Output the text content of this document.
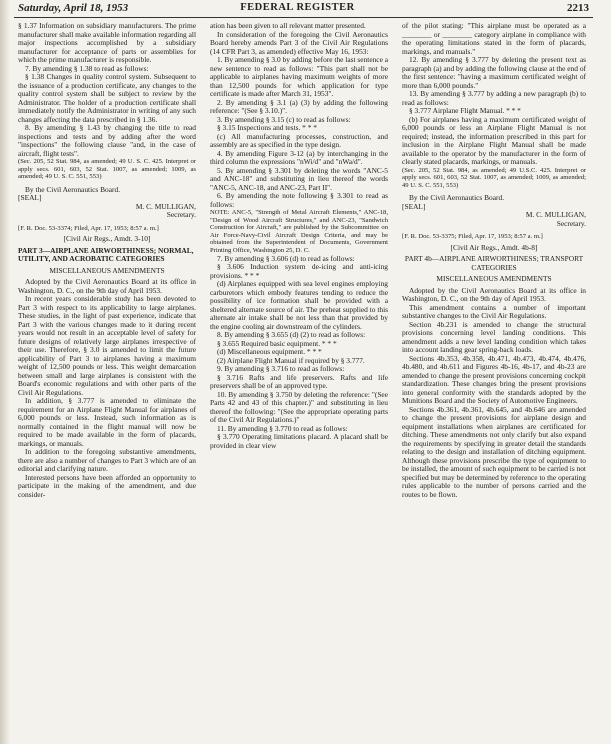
Saturday, April 18, 1953	FEDERAL REGISTER	2213

§ 1.37 Information on subsidiary manufacturers. The prime manufacturer shall make available information regarding all major inspections accomplished by a subsidiary manufacturer for acceptance of parts or assemblies for which the prime manufacturer is responsible.

7. By amending § 1.38 to read as follows:

§ 1.38 Changes in quality control system. Subsequent to the issuance of a production certificate, any changes to the quality control system shall be subject to review by the Administrator. The holder of a production certificate shall immediately notify the Administrator in writing of any such changes affecting the data prescribed in § 1.36.

8. By amending § 1.43 by changing the title to read inspections and tests and by adding after the word "inspections" the following clause "and, in the case of aircraft, flight tests".

(Sec. 205, 52 Stat. 984, as amended; 49 U. S. C. 425. Interpret or apply secs. 601, 603, 52 Stat. 1007, as amended; 1009, as amended; 49 U. S. C. 551, 553)

By the Civil Aeronautics Board.

[SEAL]

M. C. MULLIGAN,

Secretary.

[F. R. Doc. 53-3374; Filed, Apr. 17, 1953; 8:57 a. m.]

[Civil Air Regs., Amdt. 3-10]

PART 3—AIRPLANE AIRWORTHINESS; NORMAL, UTILITY, AND ACROBATIC CATEGORIES

MISCELLANEOUS AMENDMENTS

Adopted by the Civil Aeronautics Board at its office in Washington, D. C., on the 9th day of April 1953.

In recent years considerable study has been devoted to Part 3 with respect to its applicability to large airplanes. These studies, in the light of past experience, indicate that Part 3 with the various changes made to it during recent years would not result in an acceptable level of safety for future designs of relatively large airplanes irrespective of their use. Therefore, § 3.0 is amended to limit the future applicability of Part 3 to airplanes having a maximum weight of 12,500 pounds or less. This weight demarcation between small and large airplanes is consistent with the Board's economic regulations and with other parts of the Civil Air Regulations.

In addition, § 3.777 is amended to eliminate the requirement for an Airplane Flight Manual for airplanes of 6,000 pounds or less. Instead, such information as is normally contained in the flight manual will now be required to be made available in the form of placards, markings, or manuals.

In addition to the foregoing substantive amendments, there are also a number of changes to Part 3 which are of an editorial and clarifying nature.

Interested persons have been afforded an opportunity to participate in the making of the amendment, and due consider-

ation has been given to all relevant matter presented.

In consideration of the foregoing the Civil Aeronautics Board hereby amends Part 3 of the Civil Air Regulations (14 CFR Part 3, as amended) effective May 16, 1953:

1. By amending § 3.0 by adding before the last sentence a new sentence to read as follows: "This part shall not be applicable to airplanes having maximum weights of more than 12,500 pounds for which application for type certificate is made after March 31, 1953".

2. By amending § 3.1 (a) (3) by adding the following reference: "(See § 3.10.)".

3. By amending § 3.15 (c) to read as follows:

§ 3.15 Inspections and tests. * * *

(c) All manufacturing processes, construction, and assembly are as specified in the type design.

4. By amending Figure 3-12 (a) by interchanging in the third column the expressions "nWi/d" and "nWa/d".

5. By amending § 3.301 by deleting the words "ANC-5 and ANC-18" and substituting in lieu thereof the words "ANC-5, ANC-18, and ANC-23, Part II".

6. By amending the note following § 3.301 to read as follows:

NOTE: ANC-5, "Strength of Metal Aircraft Elements," ANC-18, "Design of Wood Aircraft Structures," and ANC-23, "Sandwich Construction for Aircraft," are published by the Subcommittee on Air Force-Navy-Civil Aircraft Design Criteria, and may be obtained from the Superintendent of Documents, Government Printing Office, Washington 25, D. C.

7. By amending § 3.606 (d) to read as follows:

§ 3.606 Induction system de-icing and anti-icing provisions. * * *

(d) Airplanes equipped with sea level engines employing carburetors which embody features tending to reduce the possibility of ice formation shall be provided with a sheltered alternate source of air. The preheat supplied to this alternate air intake shall be not less than that provided by the engine cooling air downstream of the cylinders.

8. By amending § 3.655 (d) (2) to read as follows:

§ 3.655 Required basic equipment. * * *

(d) Miscellaneous equipment. * * *

(2) Airplane Flight Manual if required by § 3.777.

9. By amending § 3.716 to read as follows:

§ 3.716 Rafts and life preservers. Rafts and life preservers shall be of an approved type.

10. By amending § 3.750 by deleting the reference: "(See Parts 42 and 43 of this chapter.)" and substituting in lieu thereof the following: "(See the appropriate operating parts of the Civil Air Regulations.)"

11. By amending § 3.770 to read as follows:

§ 3.770 Operating limitations placard. A placard shall be provided in clear view

of the pilot stating: "This airplane must be operated as a ________ or ________ category airplane in compliance with the operating limitations stated in the form of placards, markings, and manuals."

12. By amending § 3.777 by deleting the present text as paragraph (a) and by adding the following clause at the end of the first sentence: "having a maximum certificated weight of more than 6,000 pounds."

13. By amending § 3.777 by adding a new paragraph (b) to read as follows:

§ 3.777 Airplane Flight Manual. * * *

(b) For airplanes having a maximum certificated weight of 6,000 pounds or less an Airplane Flight Manual is not required; instead, the information prescribed in this part for inclusion in the Airplane Flight Manual shall be made available to the operator by the manufacturer in the form of clearly stated placards, markings, or manuals.

(Sec. 205, 52 Stat. 984, as amended; 49 U.S.C. 425. Interpret or apply secs. 601, 603, 52 Stat. 1007, as amended; 1009, as amended; 49 U. S. C. 551, 553)

By the Civil Aeronautics Board.

[SEAL]

M. C. MULLIGAN,

Secretary.

[F. R. Doc. 53-3375; Filed, Apr. 17, 1953; 8:57 a. m.]

[Civil Air Regs., Amdt. 4b-8]

PART 4b—AIRPLANE AIRWORTHINESS; TRANSPORT CATEGORIES

MISCELLANEOUS AMENDMENTS

Adopted by the Civil Aeronautics Board at its office in Washington, D. C., on the 9th day of April 1953.

This amendment contains a number of important substantive changes to the Civil Air Regulations.

Section 4b.231 is amended to change the structural provisions concerning level landing conditions. This amendment adds a new level landing condition which takes into account landing gear spring-back loads.

Sections 4b.353, 4b.358, 4b.471, 4b.473, 4b.474, 4b.476, 4b.480, and 4b.611 and Figures 4b-16, 4b-17, and 4b-23 are amended to change the present provisions concerning cockpit standardization. These changes bring the present provisions into general conformity with the standards adopted by the Munitions Board and the Society of Automotive Engineers.

Sections 4b.361, 4b.361, 4b.645, and 4b.646 are amended to change the present provisions for airplane design and equipment installations when airplanes are certificated for ditching. These amendments not only clarify but also expand the requirements by specifying in greater detail the standards relating to the design and installation of ditching equipment. Although these provisions prescribe the type of equipment to be installed, the amount of such equipment to be carried is not specified but may be determined by reference to the operating rules applicable to the number of persons carried and the routes to be flown.
